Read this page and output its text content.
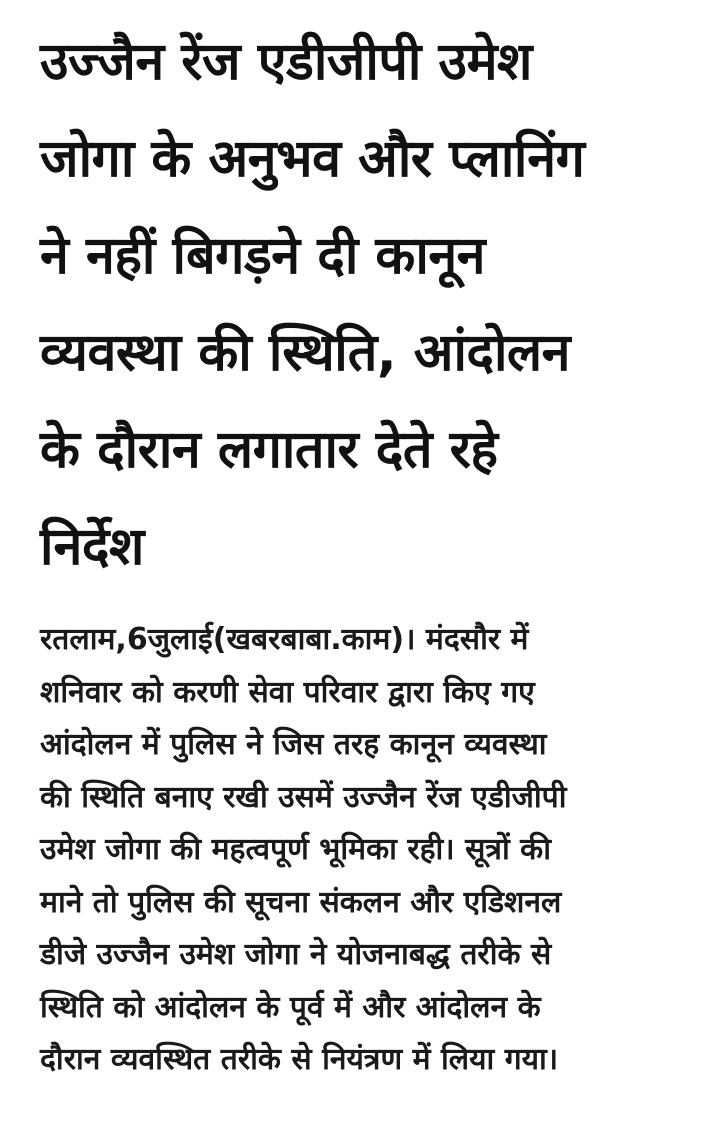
उज्जैन रेंज एडीजीपी उमेश
जोगा के अनुभव और प्लानिंग
ने नहीं बिगड़ने दी कानून
व्यवस्था की स्थिति, आंदोलन
के दौरान लगातार देते रहे
निर्देश

रतलाम,6जुलाई(खबरबाबा.काम)। मंदसौर में
शनिवार को करणी सेवा परिवार द्वारा किए गए
आंदोलन में पुलिस ने जिस तरह कानून व्यवस्था
की स्थिति बनाए रखी उसमें उज्जैन रेंज एडीजीपी
उमेश जोगा की महत्वपूर्ण भूमिका रही। सूत्रों की
माने तो पुलिस की सूचना संकलन और एडिशनल
डीजे उज्जैन उमेश जोगा ने योजनाबद्ध तरीके से
स्थिति को आंदोलन के पूर्व में और आंदोलन के
दौरान व्यवस्थित तरीके से नियंत्रण में लिया गया।
